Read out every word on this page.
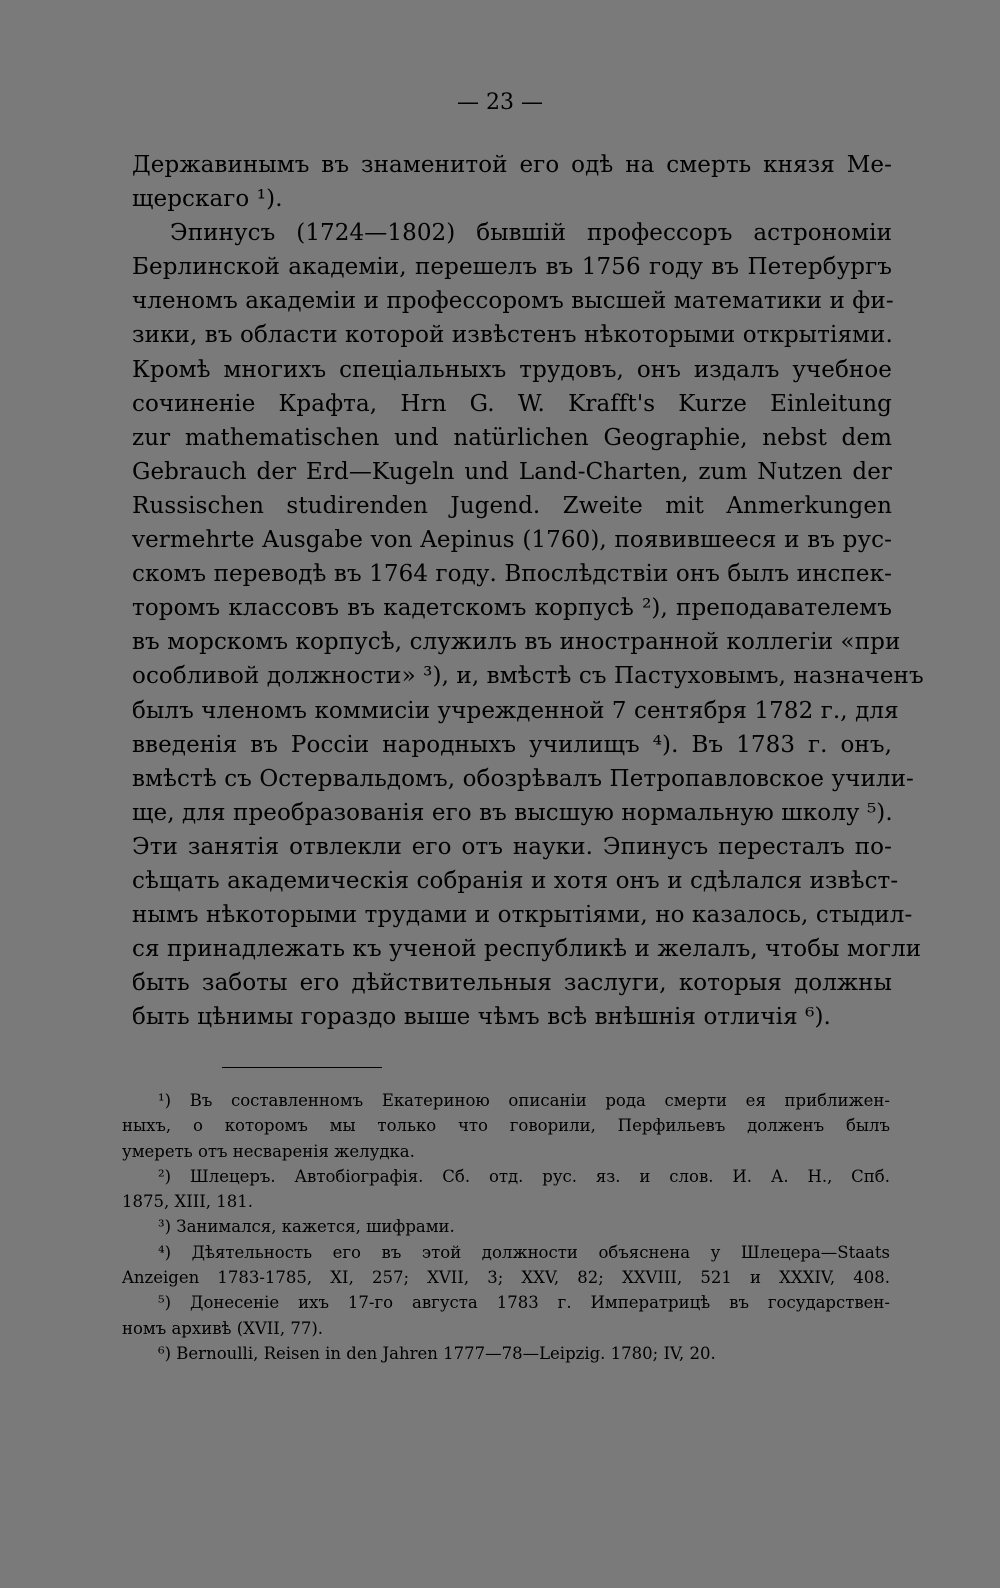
— 23 —
Державинымъ въ знаменитой его одѣ на смерть князя Ме-
щерскаго ¹).
Эпинусъ (1724—1802) бывшій профессоръ астрономіи
Берлинской академіи, перешелъ въ 1756 году въ Петербургъ
членомъ академіи и профессоромъ высшей математики и фи-
зики, въ области которой извѣстенъ нѣкоторыми открытіями.
Кромѣ многихъ спеціальныхъ трудовъ, онъ издалъ учебное
сочиненіе Крафта, Hrn G. W. Krafft's Kurze Einleitung
zur mathematischen und natürlichen Geographie, nebst dem
Gebrauch der Erd—Kugeln und Land-Charten, zum Nutzen der
Russischen studirenden Jugend. Zweite mit Anmerkungen
vermehrte Ausgabe von Aepinus (1760), появившееся и въ рус-
скомъ переводѣ въ 1764 году. Впослѣдствіи онъ былъ инспек-
торомъ классовъ въ кадетскомъ корпусѣ ²), преподавателемъ
въ морскомъ корпусѣ, служилъ въ иностранной коллегіи «при
особливой должности» ³), и, вмѣстѣ съ Пастуховымъ, назначенъ
былъ членомъ коммисіи учрежденной 7 сентября 1782 г., для
введенія въ Россіи народныхъ училищъ ⁴). Въ 1783 г. онъ,
вмѣстѣ съ Остервальдомъ, обозрѣвалъ Петропавловское учили-
ще, для преобразованія его въ высшую нормальную школу ⁵).
Эти занятія отвлекли его отъ науки. Эпинусъ пересталъ по-
сѣщать академическія собранія и хотя онъ и сдѣлался извѣст-
нымъ нѣкоторыми трудами и открытіями, но казалось, стыдил-
ся принадлежать къ ученой республикѣ и желалъ, чтобы могли
быть заботы его дѣйствительныя заслуги, которыя должны
быть цѣнимы гораздо выше чѣмъ всѣ внѣшнія отличія ⁶).
¹) Въ составленномъ Екатериною описаніи рода смерти ея приближен-
ныхъ, о которомъ мы только что говорили, Перфильевъ долженъ былъ
умереть отъ несваренія желудка.
²) Шлецеръ. Автобіографія. Сб. отд. рус. яз. и слов. И. А. Н., Спб.
1875, XIII, 181.
³) Занимался, кажется, шифрами.
⁴) Дѣятельность его въ этой должности объяснена у Шлецера—Staats
Anzeigen 1783-1785, XI, 257; XVII, 3; XXV, 82; XXVIII, 521 и XXXIV, 408.
⁵) Донесеніе ихъ 17-го августа 1783 г. Императрицѣ въ государствен-
номъ архивѣ (XVII, 77).
⁶) Bernoulli, Reisen in den Jahren 1777—78—Leipzig. 1780; IV, 20.
